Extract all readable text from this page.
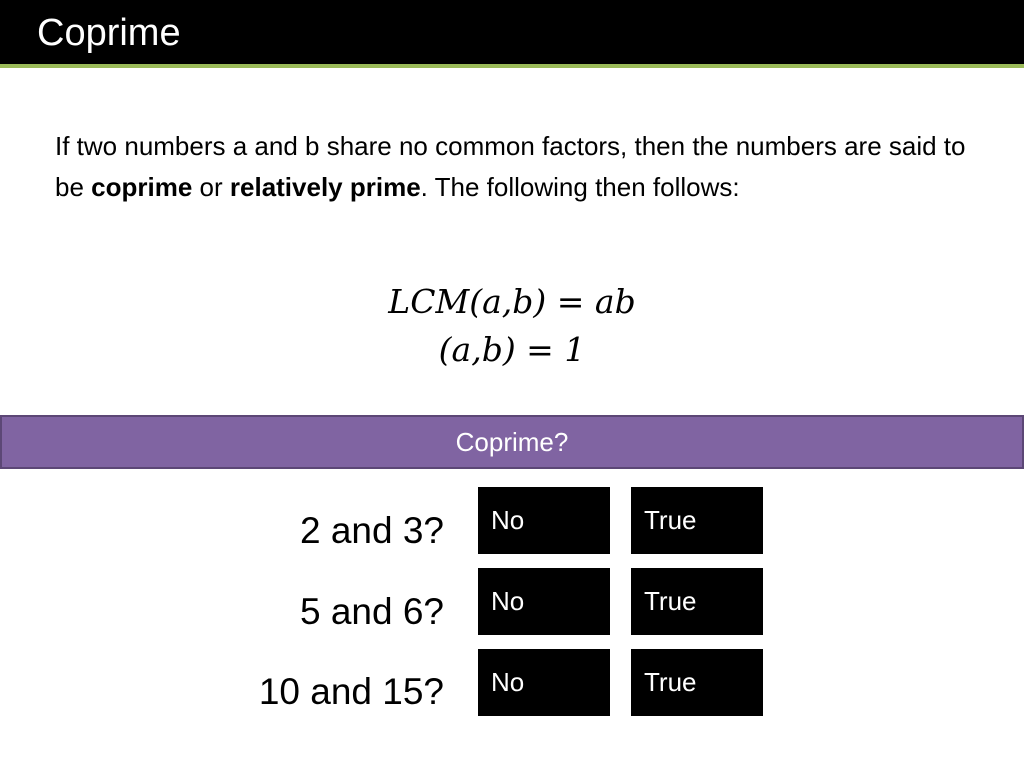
Coprime
If two numbers a and b share no common factors, then the numbers are said to be coprime or relatively prime. The following then follows:
LCM(a,b) = ab
(a,b) = 1
Coprime?
2 and 3?	No	True
5 and 6?	No	True
10 and 15?	No	True
